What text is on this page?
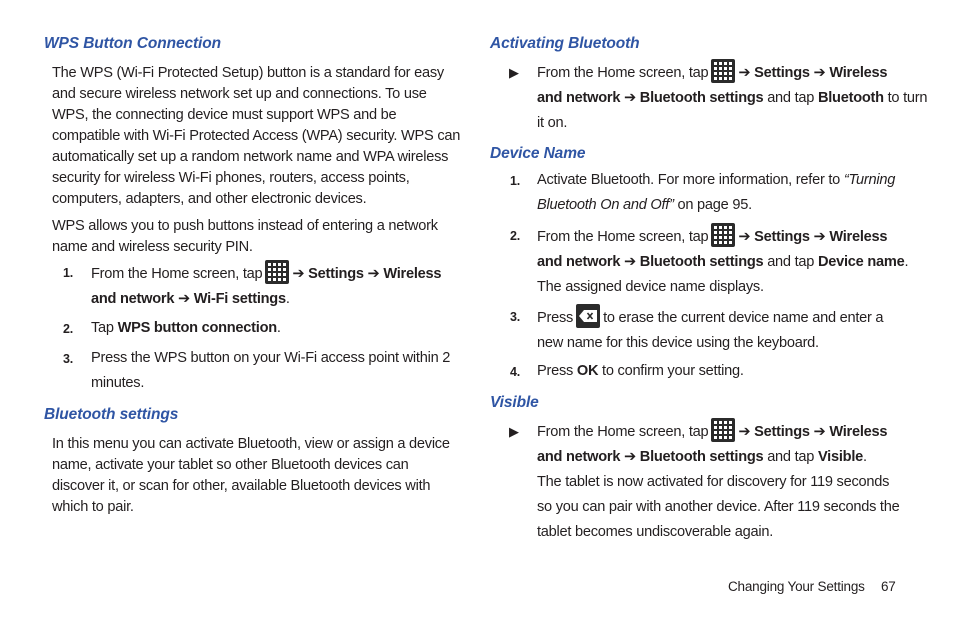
WPS Button Connection
The WPS (Wi-Fi Protected Setup) button is a standard for easy
and secure wireless network set up and connections. To use
WPS, the connecting device must support WPS and be
compatible with Wi-Fi Protected Access (WPA) security. WPS can
automatically set up a random network name and WPA wireless
security for wireless Wi-Fi phones, routers, access points,
computers, adapters, and other electronic devices.
WPS allows you to push buttons instead of entering a network
name and wireless security PIN.
1. From the Home screen, tap ➔ Settings ➔ Wireless
and network ➔ Wi-Fi settings.
2. Tap WPS button connection.
3. Press the WPS button on your Wi-Fi access point within 2
minutes.
Bluetooth settings
In this menu you can activate Bluetooth, view or assign a device
name, activate your tablet so other Bluetooth devices can
discover it, or scan for other, available Bluetooth devices with
which to pair.
Activating Bluetooth
▶ From the Home screen, tap ➔ Settings ➔ Wireless
and network ➔ Bluetooth settings and tap Bluetooth to turn
it on.
Device Name
1. Activate Bluetooth. For more information, refer to “Turning
Bluetooth On and Off” on page 95.
2. From the Home screen, tap ➔ Settings ➔ Wireless
and network ➔ Bluetooth settings and tap Device name.
The assigned device name displays.
3. Press to erase the current device name and enter a
new name for this device using the keyboard.
4. Press OK to confirm your setting.
Visible
▶ From the Home screen, tap ➔ Settings ➔ Wireless
and network ➔ Bluetooth settings and tap Visible.
The tablet is now activated for discovery for 119 seconds
so you can pair with another device. After 119 seconds the
tablet becomes undiscoverable again.
Changing Your Settings 67
